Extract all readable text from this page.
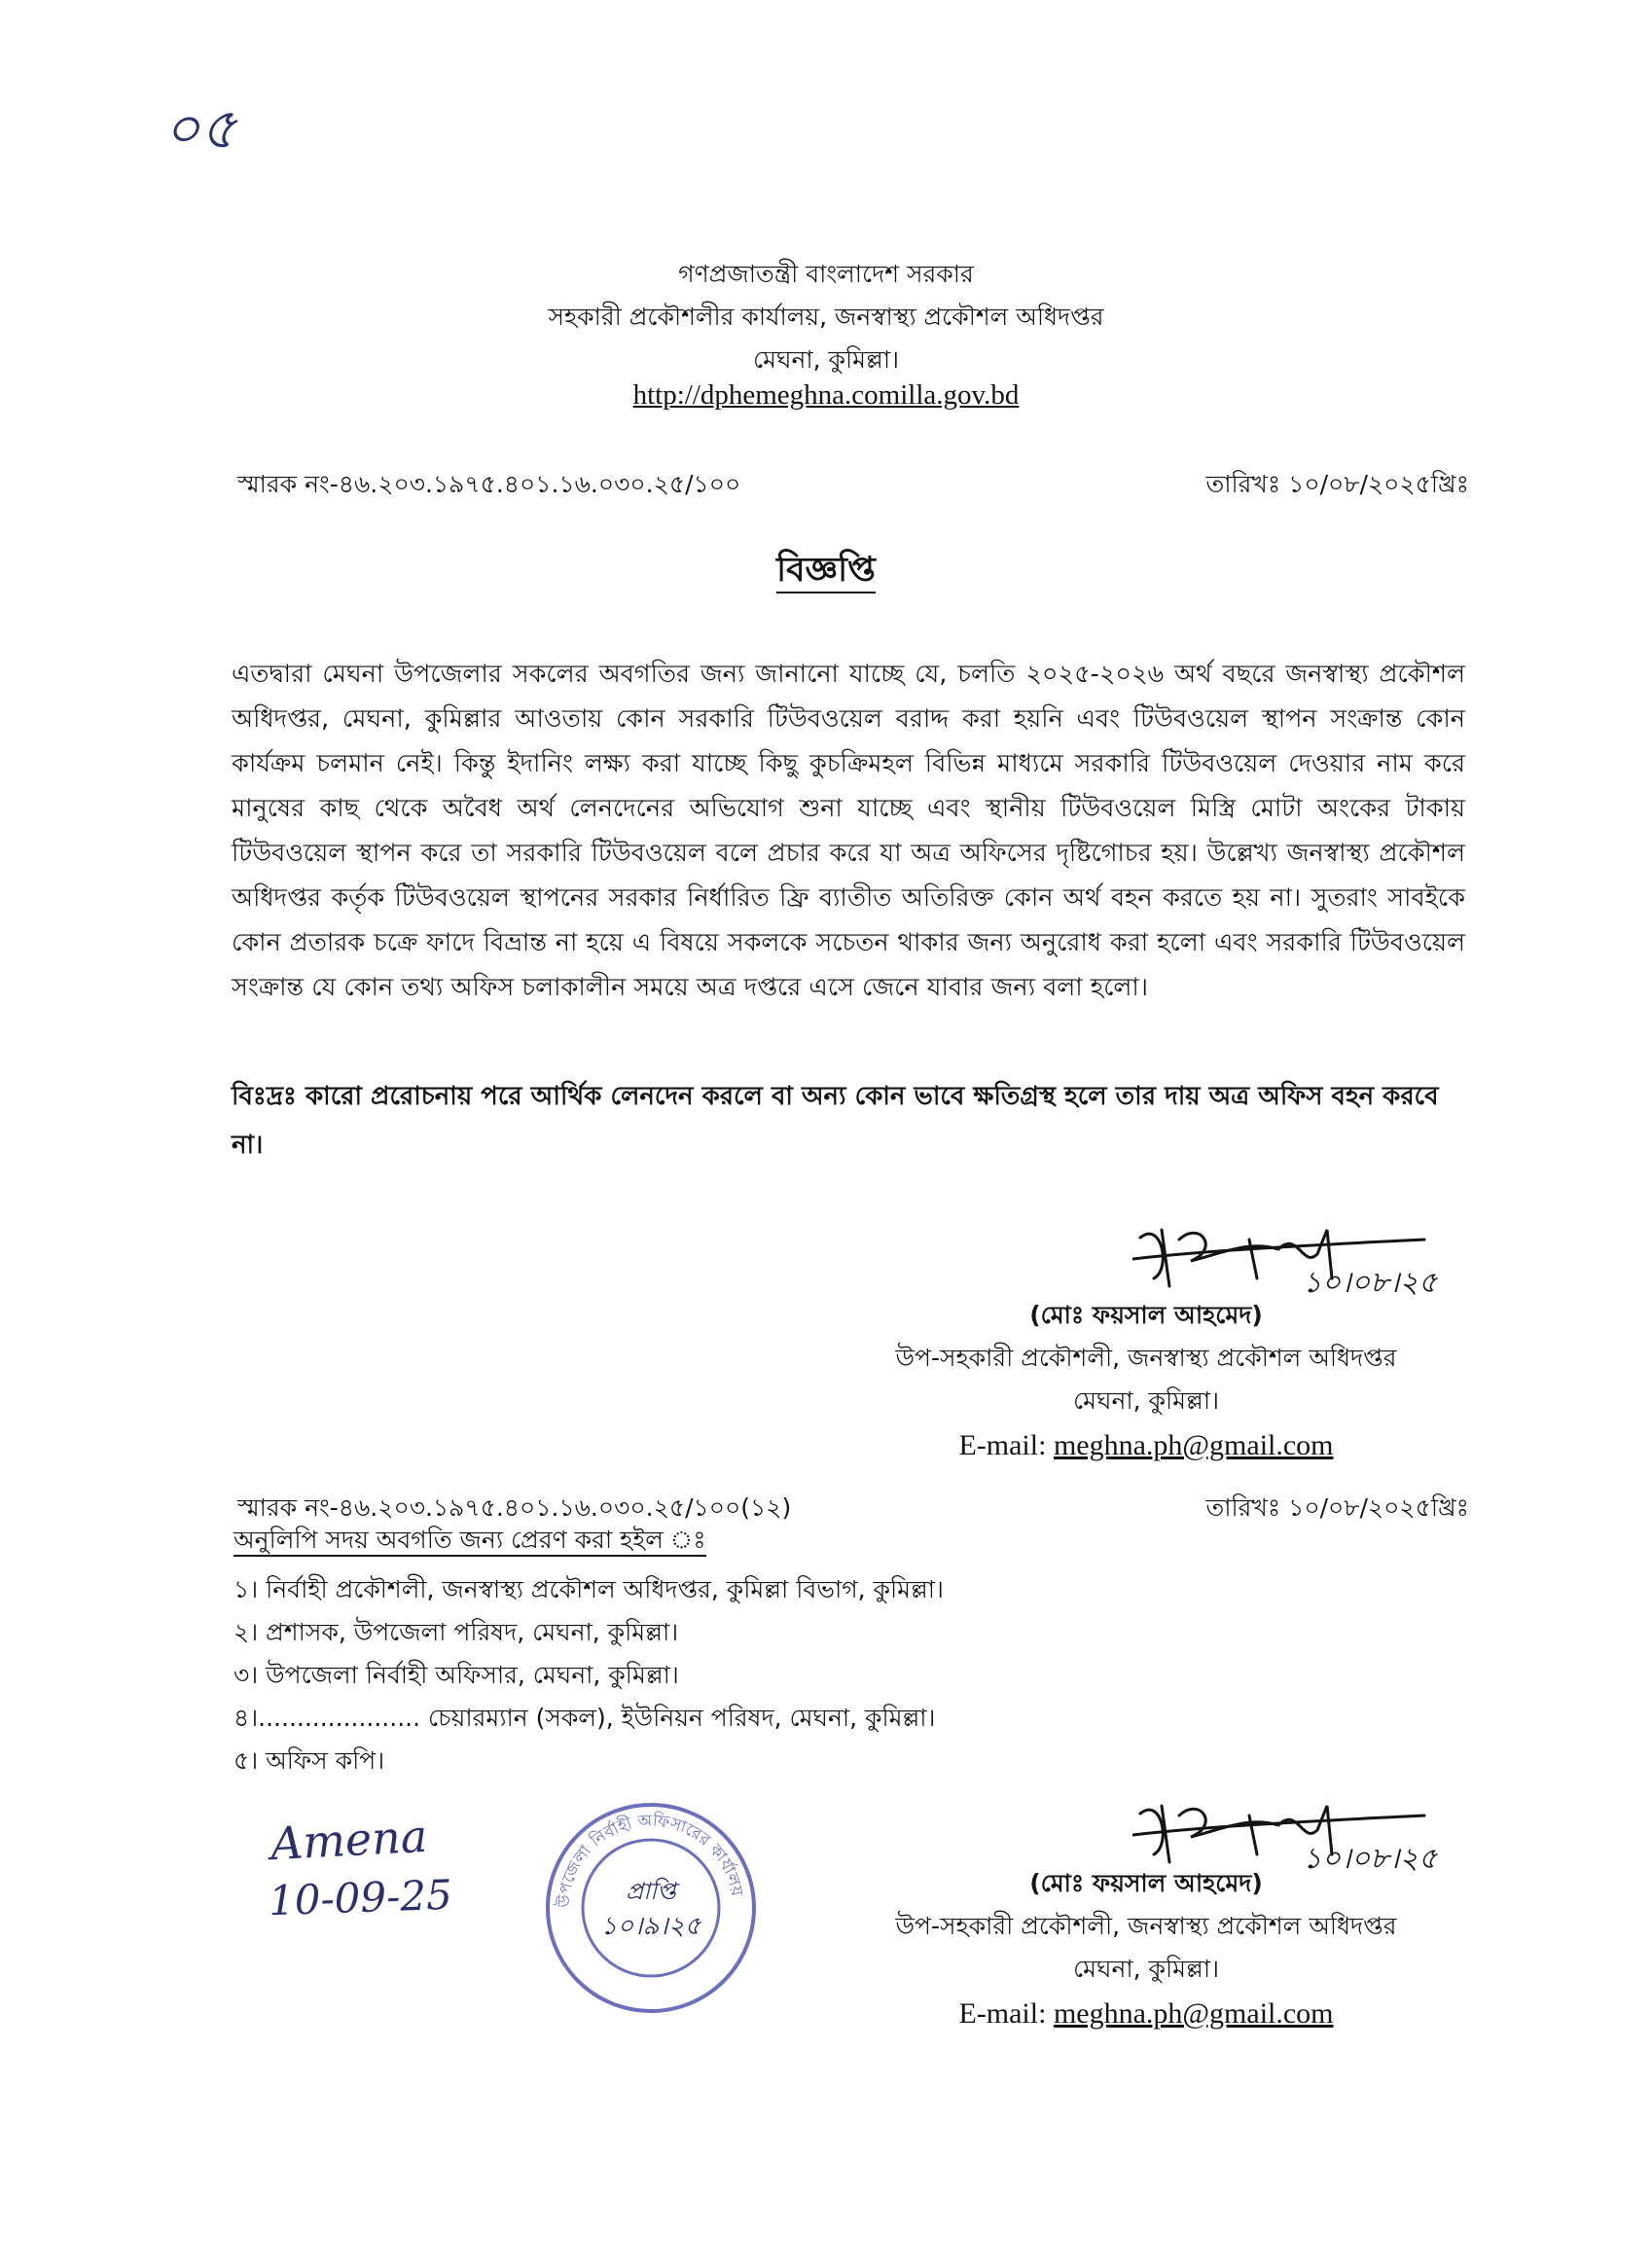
০৫
গণপ্রজাতন্ত্রী বাংলাদেশ সরকার
সহকারী প্রকৌশলীর কার্যালয়, জনস্বাস্থ্য প্রকৌশল অধিদপ্তর
মেঘনা, কুমিল্লা।
http://dphemeghna.comilla.gov.bd
স্মারক নং-৪৬.২০৩.১৯৭৫.৪০১.১৬.০৩০.২৫/১০০	তারিখঃ ১০/০৮/২০২৫খ্রিঃ
বিজ্ঞপ্তি
এতদ্বারা মেঘনা উপজেলার সকলের অবগতির জন্য জানানো যাচ্ছে যে, চলতি ২০২৫-২০২৬ অর্থ বছরে জনস্বাস্থ্য প্রকৌশল অধিদপ্তর, মেঘনা, কুমিল্লার আওতায় কোন সরকারি টিউবওয়েল বরাদ্দ করা হয়নি এবং টিউবওয়েল স্থাপন সংক্রান্ত কোন কার্যক্রম চলমান নেই। কিন্তু ইদানিং লক্ষ্য করা যাচ্ছে কিছু কুচক্রিমহল বিভিন্ন মাধ্যমে সরকারি টিউবওয়েল দেওয়ার নাম করে মানুষের কাছ থেকে অবৈধ অর্থ লেনদেনের অভিযোগ শুনা যাচ্ছে এবং স্থানীয় টিউবওয়েল মিস্ত্রি মোটা অংকের টাকায় টিউবওয়েল স্থাপন করে তা সরকারি টিউবওয়েল বলে প্রচার করে যা অত্র অফিসের দৃষ্টিগোচর হয়। উল্লেখ্য জনস্বাস্থ্য প্রকৌশল অধিদপ্তর কর্তৃক টিউবওয়েল স্থাপনের সরকার নির্ধারিত ফ্রি ব্যাতীত অতিরিক্ত কোন অর্থ বহন করতে হয় না। সুতরাং সাবইকে কোন প্রতারক চক্রে ফাদে বিভ্রান্ত না হয়ে এ বিষয়ে সকলকে সচেতন থাকার জন্য অনুরোধ করা হলো এবং সরকারি টিউবওয়েল সংক্রান্ত যে কোন তথ্য অফিস চলাকালীন সময়ে অত্র দপ্তরে এসে জেনে যাবার জন্য বলা হলো।
বিঃদ্রঃ কারো প্ররোচনায় পরে আর্থিক লেনদেন করলে বা অন্য কোন ভাবে ক্ষতিগ্রস্থ হলে তার দায় অত্র অফিস বহন করবে না।
১০।০৮।২৫
(মোঃ ফয়সাল আহমেদ)
উপ-সহকারী প্রকৌশলী, জনস্বাস্থ্য প্রকৌশল অধিদপ্তর
মেঘনা, কুমিল্লা।
E-mail: meghna.ph@gmail.com
স্মারক নং-৪৬.২০৩.১৯৭৫.৪০১.১৬.০৩০.২৫/১০০(১২)	তারিখঃ ১০/০৮/২০২৫খ্রিঃ
অনুলিপি সদয় অবগতি জন্য প্রেরণ করা হইল ঃ
১। নির্বাহী প্রকৌশলী, জনস্বাস্থ্য প্রকৌশল অধিদপ্তর, কুমিল্লা বিভাগ, কুমিল্লা।
২। প্রশাসক, উপজেলা পরিষদ, মেঘনা, কুমিল্লা।
৩। উপজেলা নির্বাহী অফিসার, মেঘনা, কুমিল্লা।
৪।..................... চেয়ারম্যান (সকল), ইউনিয়ন পরিষদ, মেঘনা, কুমিল্লা।
৫। অফিস কপি।
Amena
10-09-25	উপজেলা নির্বাহী অফিসারের কার্যালয়
প্রাপ্তি
১০।৯।২৫
১০।০৮।২৫
(মোঃ ফয়সাল আহমেদ)
উপ-সহকারী প্রকৌশলী, জনস্বাস্থ্য প্রকৌশল অধিদপ্তর
মেঘনা, কুমিল্লা।
E-mail: meghna.ph@gmail.com
